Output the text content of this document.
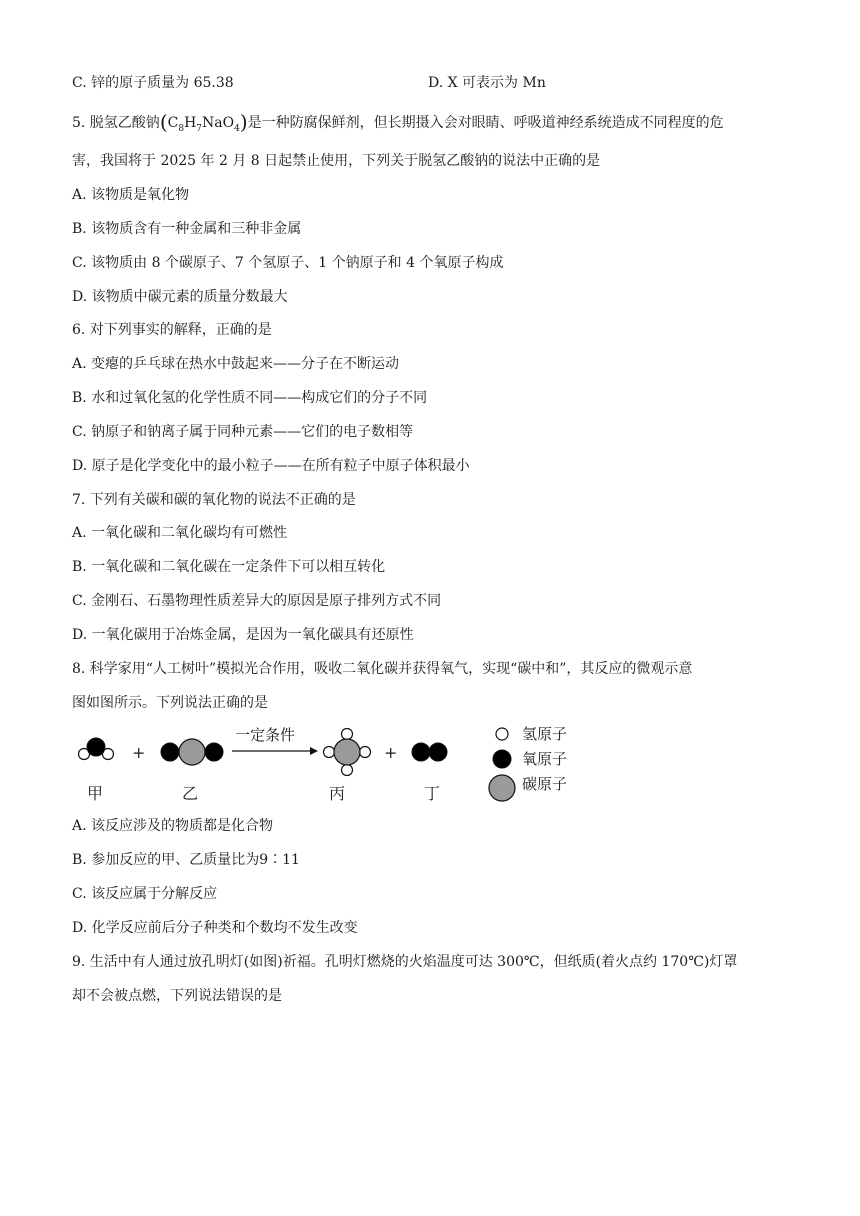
C. 锌的原子质量为 65.38	D. X 可表示为 Mn
5. 脱氢乙酸钠$(C_8H_7NaO_4)$是一种防腐保鲜剂，但长期摄入会对眼睛、呼吸道神经系统造成不同程度的危
害，我国将于 2025 年 2 月 8 日起禁止使用，下列关于脱氢乙酸钠的说法中正确的是
A. 该物质是氧化物
B. 该物质含有一种金属和三种非金属
C. 该物质由 8 个碳原子、7 个氢原子、1 个钠原子和 4 个氧原子构成
D. 该物质中碳元素的质量分数最大
6. 对下列事实的解释，正确的是
A. 变瘪的乒乓球在热水中鼓起来——分子在不断运动
B. 水和过氧化氢的化学性质不同——构成它们的分子不同
C. 钠原子和钠离子属于同种元素——它们的电子数相等
D. 原子是化学变化中的最小粒子——在所有粒子中原子体积最小
7. 下列有关碳和碳的氧化物的说法不正确的是
A. 一氧化碳和二氧化碳均有可燃性
B. 一氧化碳和二氧化碳在一定条件下可以相互转化
C. 金刚石、石墨物理性质差异大的原因是原子排列方式不同
D. 一氧化碳用于冶炼金属，是因为一氧化碳具有还原性
8. 科学家用“人工树叶”模拟光合作用，吸收二氧化碳并获得氧气，实现“碳中和”，其反应的微观示意
图如图所示。下列说法正确的是
+
一定条件
+
甲	乙	丙	丁
氢原子
氧原子
碳原子
A. 该反应涉及的物质都是化合物
B. 参加反应的甲、乙质量比为9∶11
C. 该反应属于分解反应
D. 化学反应前后分子种类和个数均不发生改变
9. 生活中有人通过放孔明灯(如图)祈福。孔明灯燃烧的火焰温度可达 300℃，但纸质(着火点约 170℃)灯罩
却不会被点燃，下列说法错误的是
